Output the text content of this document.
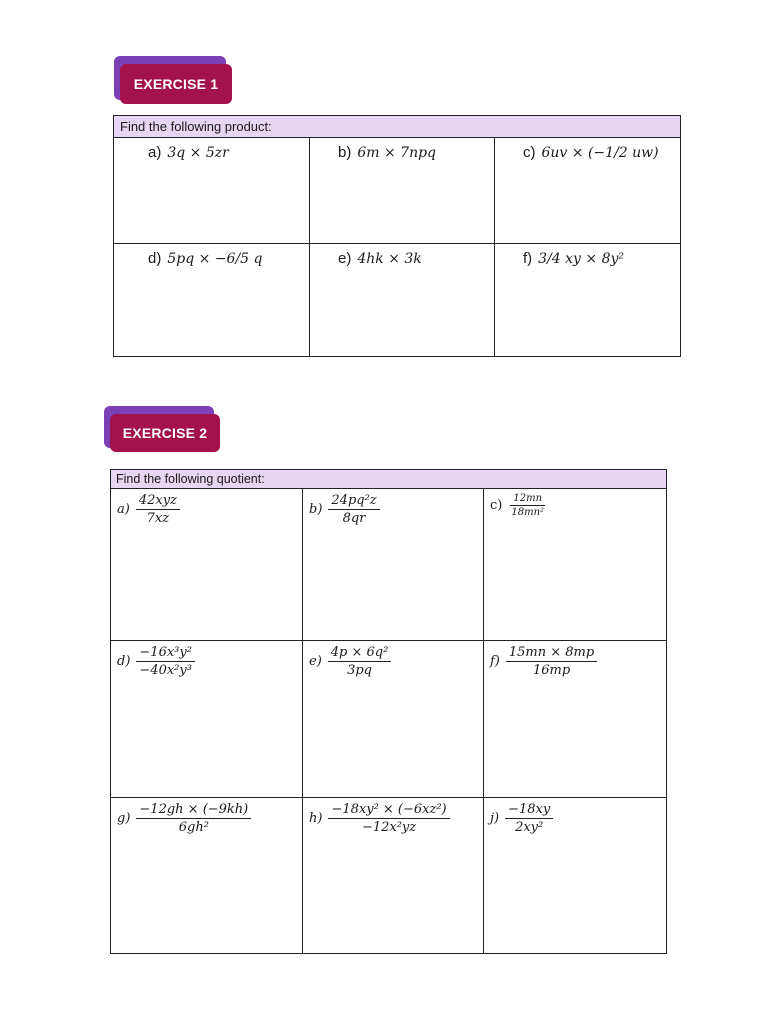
EXERCISE 1
Find the following product:		

a) 3q × 5zr	b) 6m × 7npq	c) 6uv × (−1/2 uw)

d) 5pq × −6/5 q	e) 4hk × 3k	f) 3/4 xy × 8y²
EXERCISE 2
Find the following quotient:		

$a) \frac{\text{42xyz}}{7xz}$	$b) \frac{\text{24pq²z}}{8qr}$	$c) \frac{12mn}{\text{18mn²}}$

$d) \frac{\text{−16x³y²}}{\text{−40x²y³}}$	$e) \frac{\text{4p × 6q²}}{3pq}$	$f) \frac{15mn \times 8mp}{16mp}$

$g) \frac{-12gh \times (-9kh)}{\text{6gh²}}$	$h) \frac{\text{−18xy² × (−6xz²)}}{\text{−12x²yz}}$	$j) \frac{-18xy}{\text{2xy²}}$
